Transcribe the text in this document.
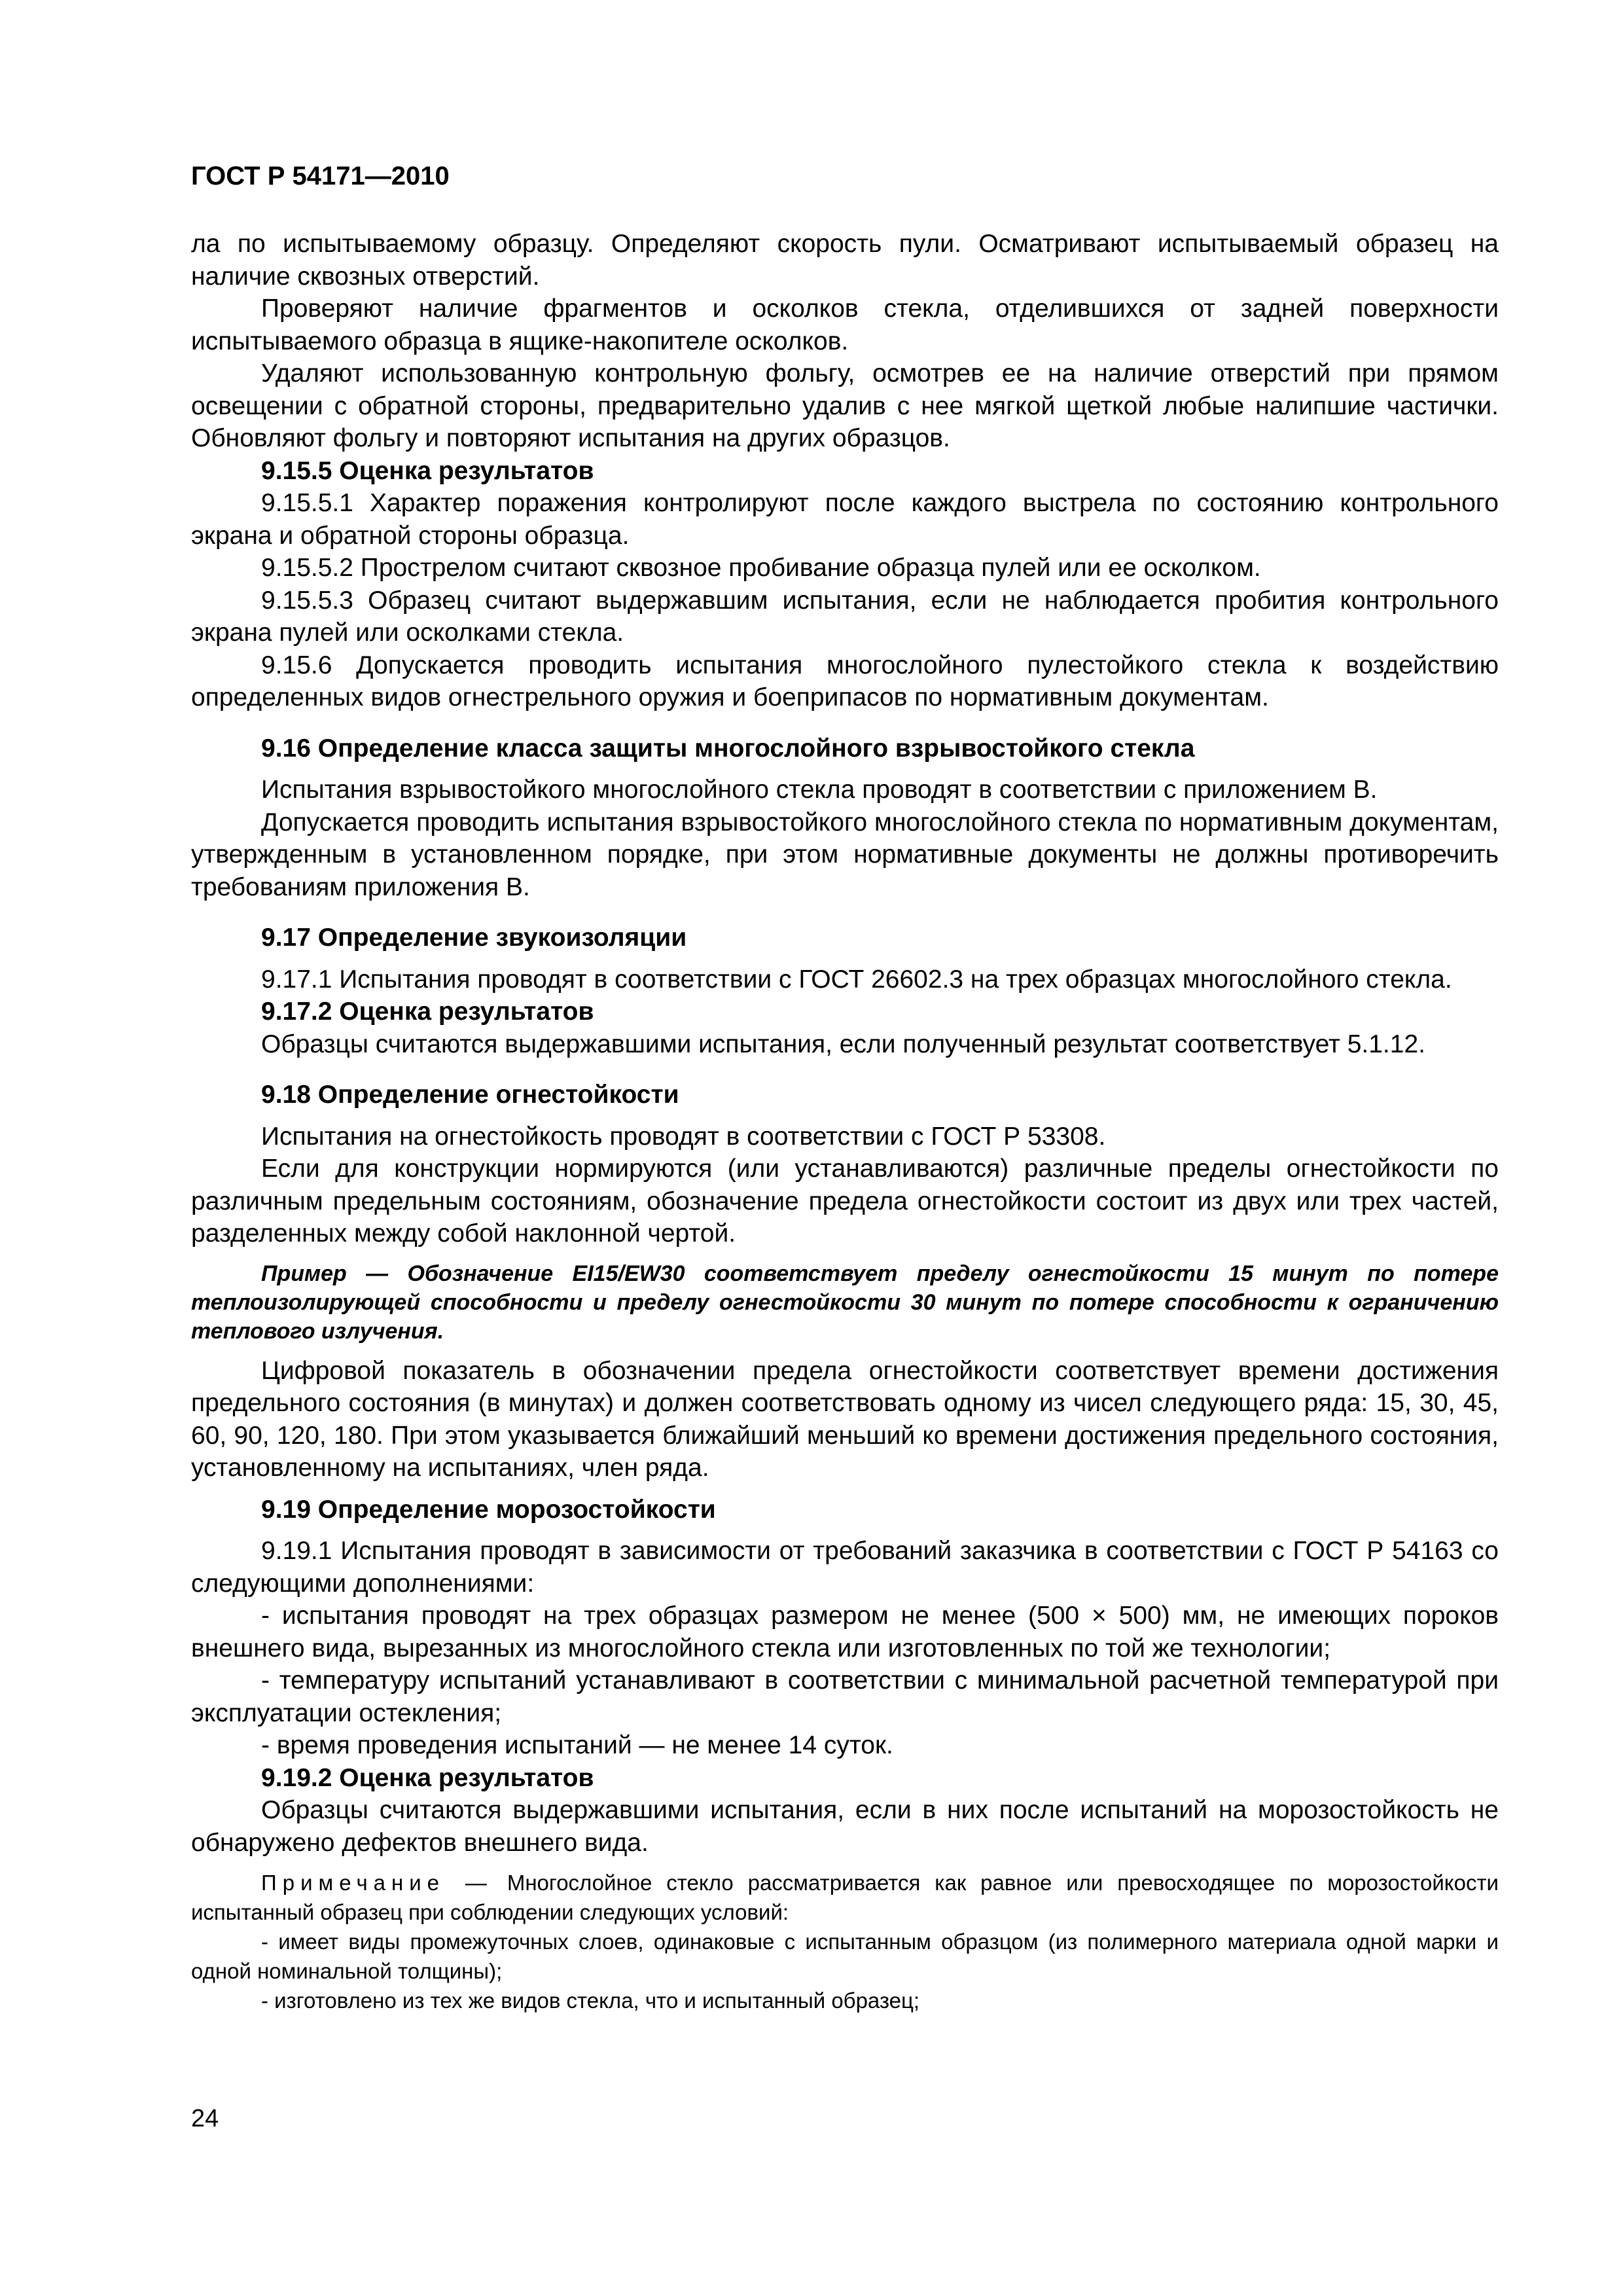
ГОСТ Р 54171—2010

ла по испытываемому образцу. Определяют скорость пули. Осматривают испытываемый образец на наличие сквозных отверстий.

Проверяют наличие фрагментов и осколков стекла, отделившихся от задней поверхности испытываемого образца в ящике-накопителе осколков.

Удаляют использованную контрольную фольгу, осмотрев ее на наличие отверстий при прямом освещении с обратной стороны, предварительно удалив с нее мягкой щеткой любые налипшие частички. Обновляют фольгу и повторяют испытания на других образцов.

9.15.5 Оценка результатов

9.15.5.1 Характер поражения контролируют после каждого выстрела по состоянию контрольного экрана и обратной стороны образца.

9.15.5.2 Прострелом считают сквозное пробивание образца пулей или ее осколком.

9.15.5.3 Образец считают выдержавшим испытания, если не наблюдается пробития контрольного экрана пулей или осколками стекла.

9.15.6 Допускается проводить испытания многослойного пулестойкого стекла к воздействию определенных видов огнестрельного оружия и боеприпасов по нормативным документам.

9.16 Определение класса защиты многослойного взрывостойкого стекла

Испытания взрывостойкого многослойного стекла проводят в соответствии с приложением В.

Допускается проводить испытания взрывостойкого многослойного стекла по нормативным документам, утвержденным в установленном порядке, при этом нормативные документы не должны противоречить требованиям приложения В.

9.17 Определение звукоизоляции

9.17.1 Испытания проводят в соответствии с ГОСТ 26602.3 на трех образцах многослойного стекла.

9.17.2 Оценка результатов

Образцы считаются выдержавшими испытания, если полученный результат соответствует 5.1.12.

9.18 Определение огнестойкости

Испытания на огнестойкость проводят в соответствии с ГОСТ Р 53308.

Если для конструкции нормируются (или устанавливаются) различные пределы огнестойкости по различным предельным состояниям, обозначение предела огнестойкости состоит из двух или трех частей, разделенных между собой наклонной чертой.

Пример — Обозначение EI15/EW30 соответствует пределу огнестойкости 15 минут по потере теплоизолирующей способности и пределу огнестойкости 30 минут по потере способности к ограничению теплового излучения.

Цифровой показатель в обозначении предела огнестойкости соответствует времени достижения предельного состояния (в минутах) и должен соответствовать одному из чисел следующего ряда: 15, 30, 45, 60, 90, 120, 180. При этом указывается ближайший меньший ко времени достижения предельного состояния, установленному на испытаниях, член ряда.

9.19 Определение морозостойкости

9.19.1 Испытания проводят в зависимости от требований заказчика в соответствии с ГОСТ Р 54163 со следующими дополнениями:

- испытания проводят на трех образцах размером не менее (500 × 500) мм, не имеющих пороков внешнего вида, вырезанных из многослойного стекла или изготовленных по той же технологии;

- температуру испытаний устанавливают в соответствии с минимальной расчетной температурой при эксплуатации остекления;

- время проведения испытаний — не менее 14 суток.

9.19.2 Оценка результатов

Образцы считаются выдержавшими испытания, если в них после испытаний на морозостойкость не обнаружено дефектов внешнего вида.

Примечание — Многослойное стекло рассматривается как равное или превосходящее по морозостойкости испытанный образец при соблюдении следующих условий:

- имеет виды промежуточных слоев, одинаковые с испытанным образцом (из полимерного материала одной марки и одной номинальной толщины);

- изготовлено из тех же видов стекла, что и испытанный образец;

24
